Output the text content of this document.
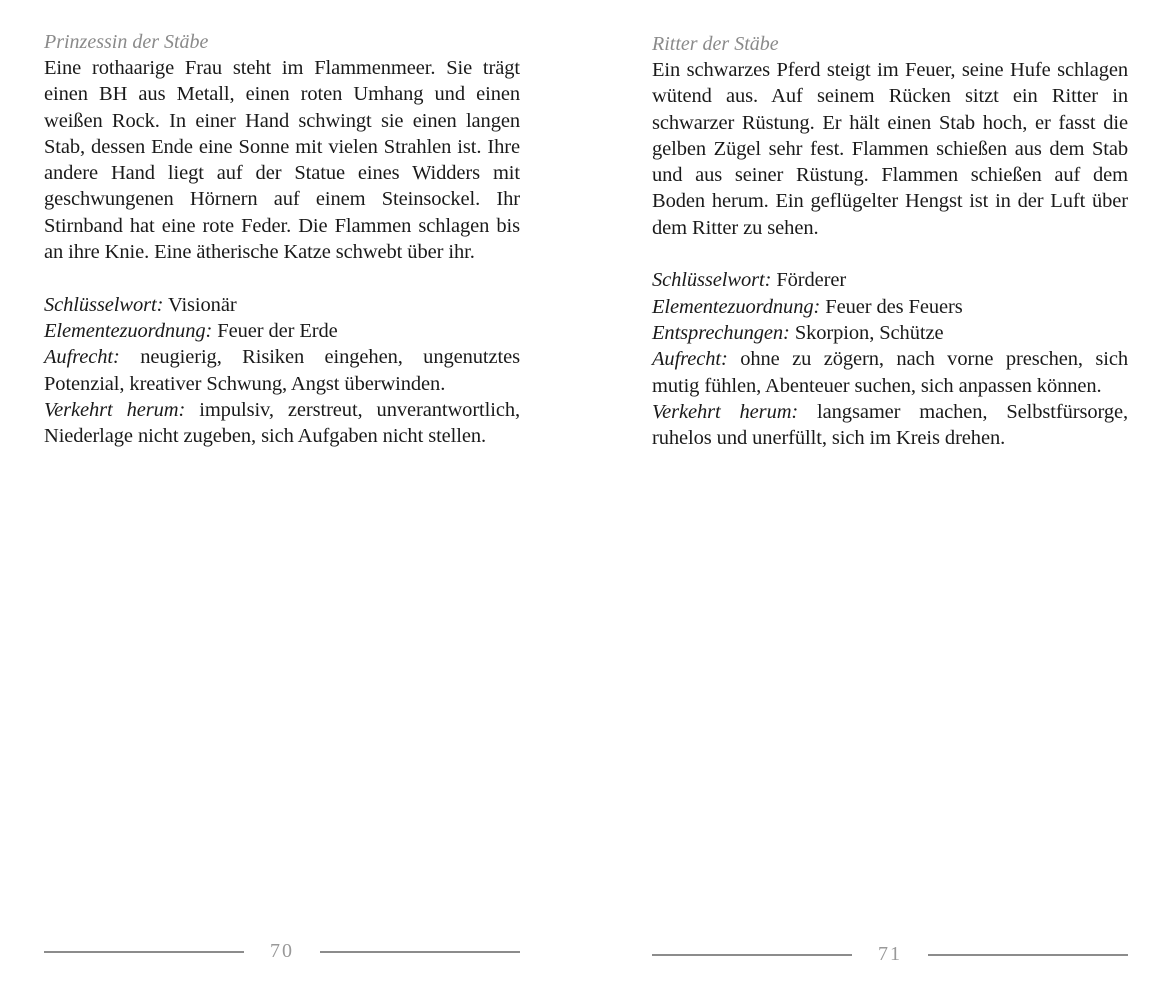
Prinzessin der Stäbe

Eine rothaarige Frau steht im Flammenmeer. Sie trägt einen BH aus Metall, einen roten Umhang und einen weißen Rock. In einer Hand schwingt sie einen langen Stab, dessen Ende eine Sonne mit vielen Strahlen ist. Ihre andere Hand liegt auf der Statue eines Widders mit geschwungenen Hörnern auf einem Steinsockel. Ihr Stirnband hat eine rote Feder. Die Flammen schlagen bis an ihre Knie. Eine ätherische Katze schwebt über ihr.

Schlüsselwort: Visionär

Elementezuordnung: Feuer der Erde

Aufrecht: neugierig, Risiken eingehen, ungenutztes Potenzial, kreativer Schwung, Angst überwinden.

Verkehrt herum: impulsiv, zerstreut, unverantwortlich, Niederlage nicht zugeben, sich Aufgaben nicht stellen.

Ritter der Stäbe

Ein schwarzes Pferd steigt im Feuer, seine Hufe schlagen wütend aus. Auf seinem Rücken sitzt ein Ritter in schwarzer Rüstung. Er hält einen Stab hoch, er fasst die gelben Zügel sehr fest. Flammen schießen aus dem Stab und aus seiner Rüstung. Flammen schießen auf dem Boden herum. Ein geflügelter Hengst ist in der Luft über dem Ritter zu sehen.

Schlüsselwort: Förderer

Elementezuordnung: Feuer des Feuers

Entsprechungen: Skorpion, Schütze

Aufrecht: ohne zu zögern, nach vorne preschen, sich mutig fühlen, Abenteuer suchen, sich anpassen können.

Verkehrt herum: langsamer machen, Selbstfürsorge, ruhelos und unerfüllt, sich im Kreis drehen.

70	71
